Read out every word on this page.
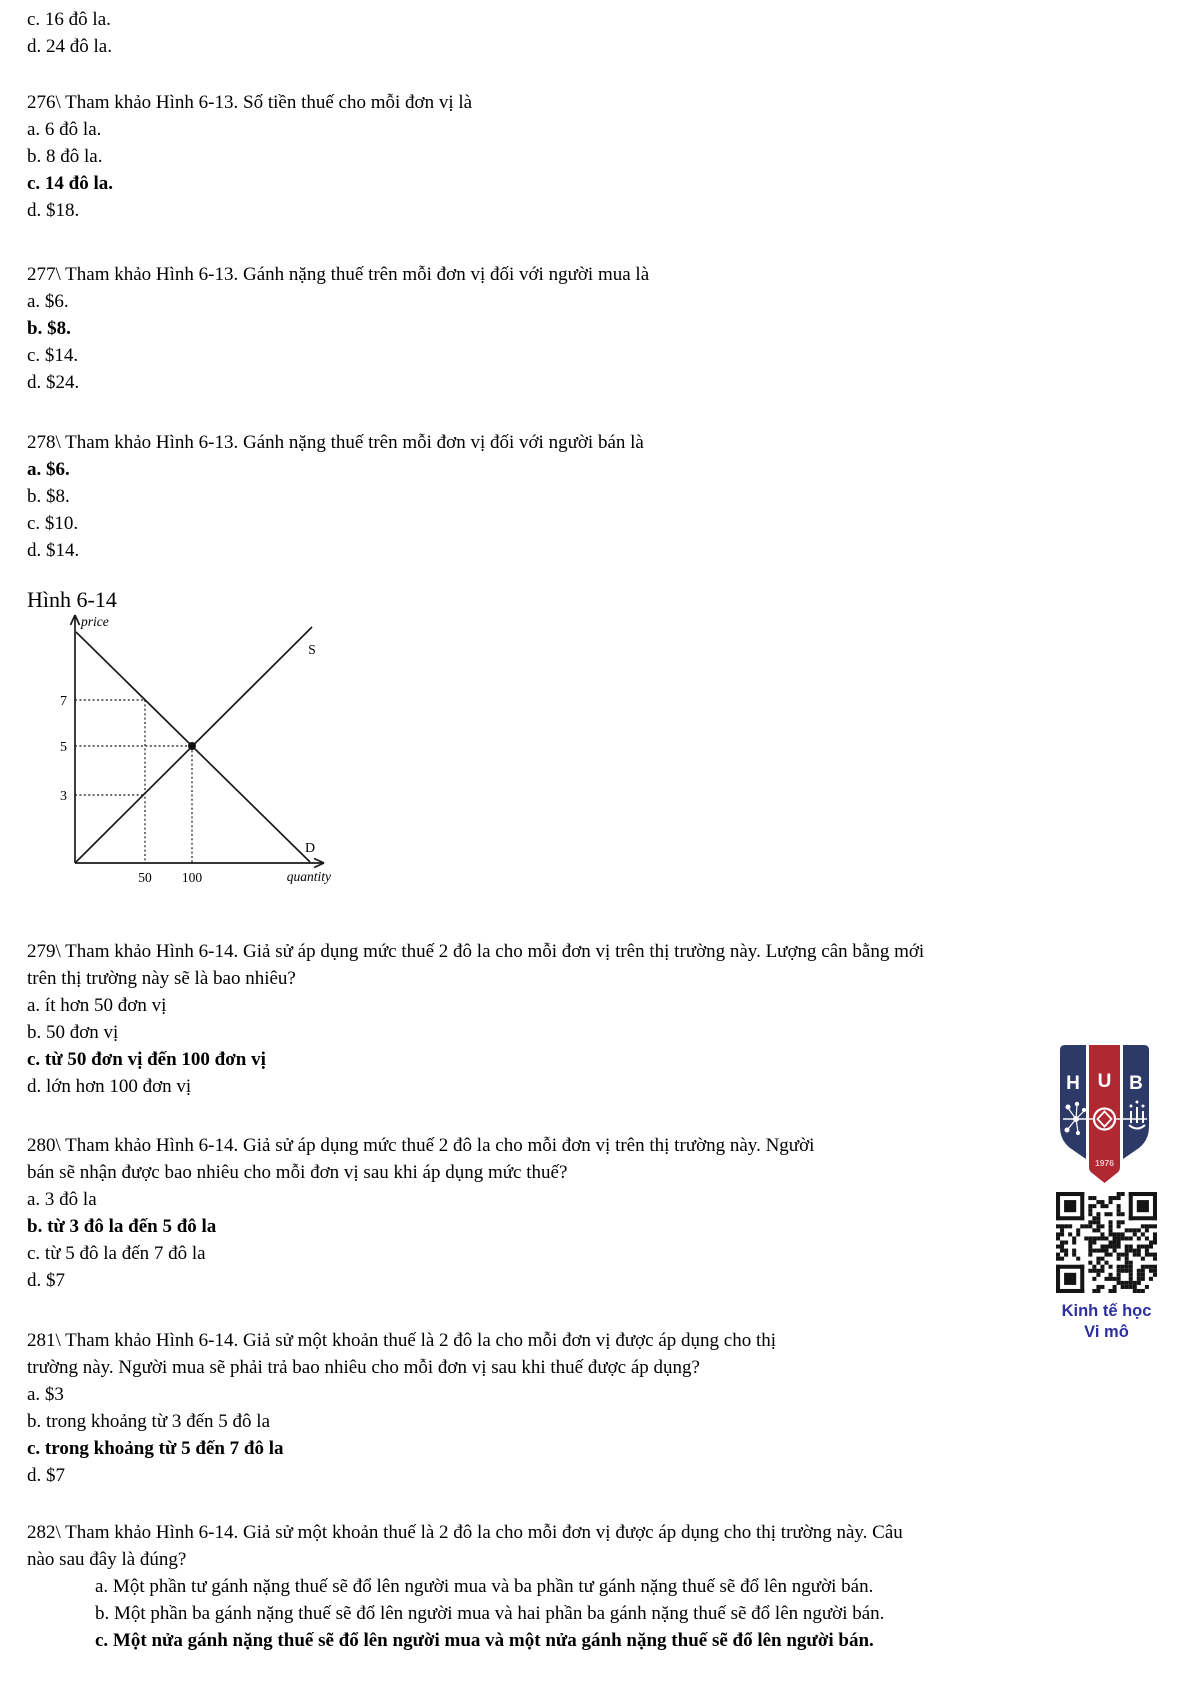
c. 16 đô la.
d. 24 đô la.
276\ Tham khảo Hình 6-13. Số tiền thuế cho mỗi đơn vị là
a. 6 đô la.
b. 8 đô la.
c. 14 đô la.
d. $18.
277\ Tham khảo Hình 6-13. Gánh nặng thuế trên mỗi đơn vị đối với người mua là
a. $6.
b. $8.
c. $14.
d. $24.
278\ Tham khảo Hình 6-13. Gánh nặng thuế trên mỗi đơn vị đối với người bán là
a. $6.
b. $8.
c. $10.
d. $14.
Hình 6-14
price
quantity
7
5
3
50 100
S
D
279\ Tham khảo Hình 6-14. Giả sử áp dụng mức thuế 2 đô la cho mỗi đơn vị trên thị trường này. Lượng cân bằng mới
trên thị trường này sẽ là bao nhiêu?
a. ít hơn 50 đơn vị
b. 50 đơn vị
c. từ 50 đơn vị đến 100 đơn vị
d. lớn hơn 100 đơn vị
280\ Tham khảo Hình 6-14. Giả sử áp dụng mức thuế 2 đô la cho mỗi đơn vị trên thị trường này. Người
bán sẽ nhận được bao nhiêu cho mỗi đơn vị sau khi áp dụng mức thuế?
a. 3 đô la
b. từ 3 đô la đến 5 đô la
c. từ 5 đô la đến 7 đô la
d. $7
281\ Tham khảo Hình 6-14. Giả sử một khoản thuế là 2 đô la cho mỗi đơn vị được áp dụng cho thị
trường này. Người mua sẽ phải trả bao nhiêu cho mỗi đơn vị sau khi thuế được áp dụng?
a. $3
b. trong khoảng từ 3 đến 5 đô la
c. trong khoảng từ 5 đến 7 đô la
d. $7
282\ Tham khảo Hình 6-14. Giả sử một khoản thuế là 2 đô la cho mỗi đơn vị được áp dụng cho thị trường này. Câu
nào sau đây là đúng?
a. Một phần tư gánh nặng thuế sẽ đổ lên người mua và ba phần tư gánh nặng thuế sẽ đổ lên người bán.
b. Một phần ba gánh nặng thuế sẽ đổ lên người mua và hai phần ba gánh nặng thuế sẽ đổ lên người bán.
c. Một nửa gánh nặng thuế sẽ đổ lên người mua và một nửa gánh nặng thuế sẽ đổ lên người bán.
H U B
1976
Kinh tế học
Vi mô
